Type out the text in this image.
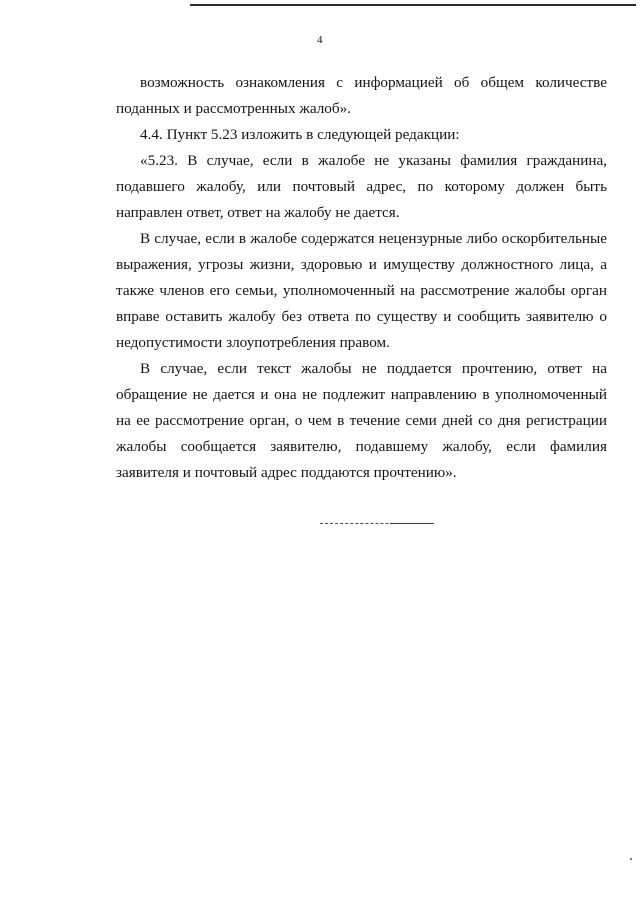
4

возможность ознакомления с информацией об общем количестве поданных и рассмотренных жалоб».

4.4. Пункт 5.23 изложить в следующей редакции:

«5.23. В случае, если в жалобе не указаны фамилия гражданина, подавшего жалобу, или почтовый адрес, по которому должен быть направлен ответ, ответ на жалобу не дается.

В случае, если в жалобе содержатся нецензурные либо оскорбительные выражения, угрозы жизни, здоровью и имуществу должностного лица, а также членов его семьи, уполномоченный на рассмотрение жалобы орган вправе оставить жалобу без ответа по существу и сообщить заявителю о недопустимости злоупотребления правом.

В случае, если текст жалобы не поддается прочтению, ответ на обращение не дается и она не подлежит направлению в уполномоченный на ее рассмотрение орган, о чем в течение семи дней со дня регистрации жалобы сообщается заявителю, подавшему жалобу, если фамилия заявителя и почтовый адрес поддаются прочтению».
